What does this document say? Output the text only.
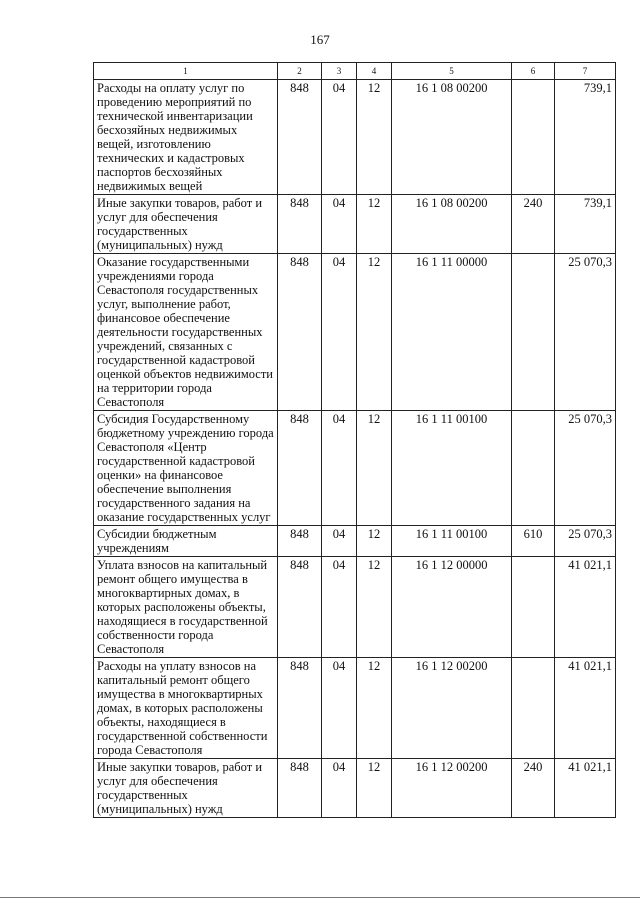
167
1	2	3	4	5	6	7
Расходы на оплату услуг по проведению мероприятий по технической инвентаризации бесхозяйных недвижимых вещей, изготовлению технических и кадастровых паспортов бесхозяйных недвижимых вещей	848	04	12	16 1 08 00200		739,1
Иные закупки товаров, работ и услуг для обеспечения государственных (муниципальных) нужд	848	04	12	16 1 08 00200	240	739,1
Оказание государственными учреждениями города Севастополя государственных услуг, выполнение работ, финансовое обеспечение деятельности государственных учреждений, связанных с государственной кадастровой оценкой объектов недвижимости на территории города Севастополя	848	04	12	16 1 11 00000		25 070,3
Субсидия Государственному бюджетному учреждению города Севастополя «Центр государственной кадастровой оценки» на финансовое обеспечение выполнения государственного задания на оказание государственных услуг	848	04	12	16 1 11 00100		25 070,3
Субсидии бюджетным учреждениям	848	04	12	16 1 11 00100	610	25 070,3
Уплата взносов на капитальный ремонт общего имущества в многоквартирных домах, в которых расположены объекты, находящиеся в государственной собственности города Севастополя	848	04	12	16 1 12 00000		41 021,1
Расходы на уплату взносов на капитальный ремонт общего имущества в многоквартирных домах, в которых расположены объекты, находящиеся в государственной собственности города Севастополя	848	04	12	16 1 12 00200		41 021,1
Иные закупки товаров, работ и услуг для обеспечения государственных (муниципальных) нужд	848	04	12	16 1 12 00200	240	41 021,1
